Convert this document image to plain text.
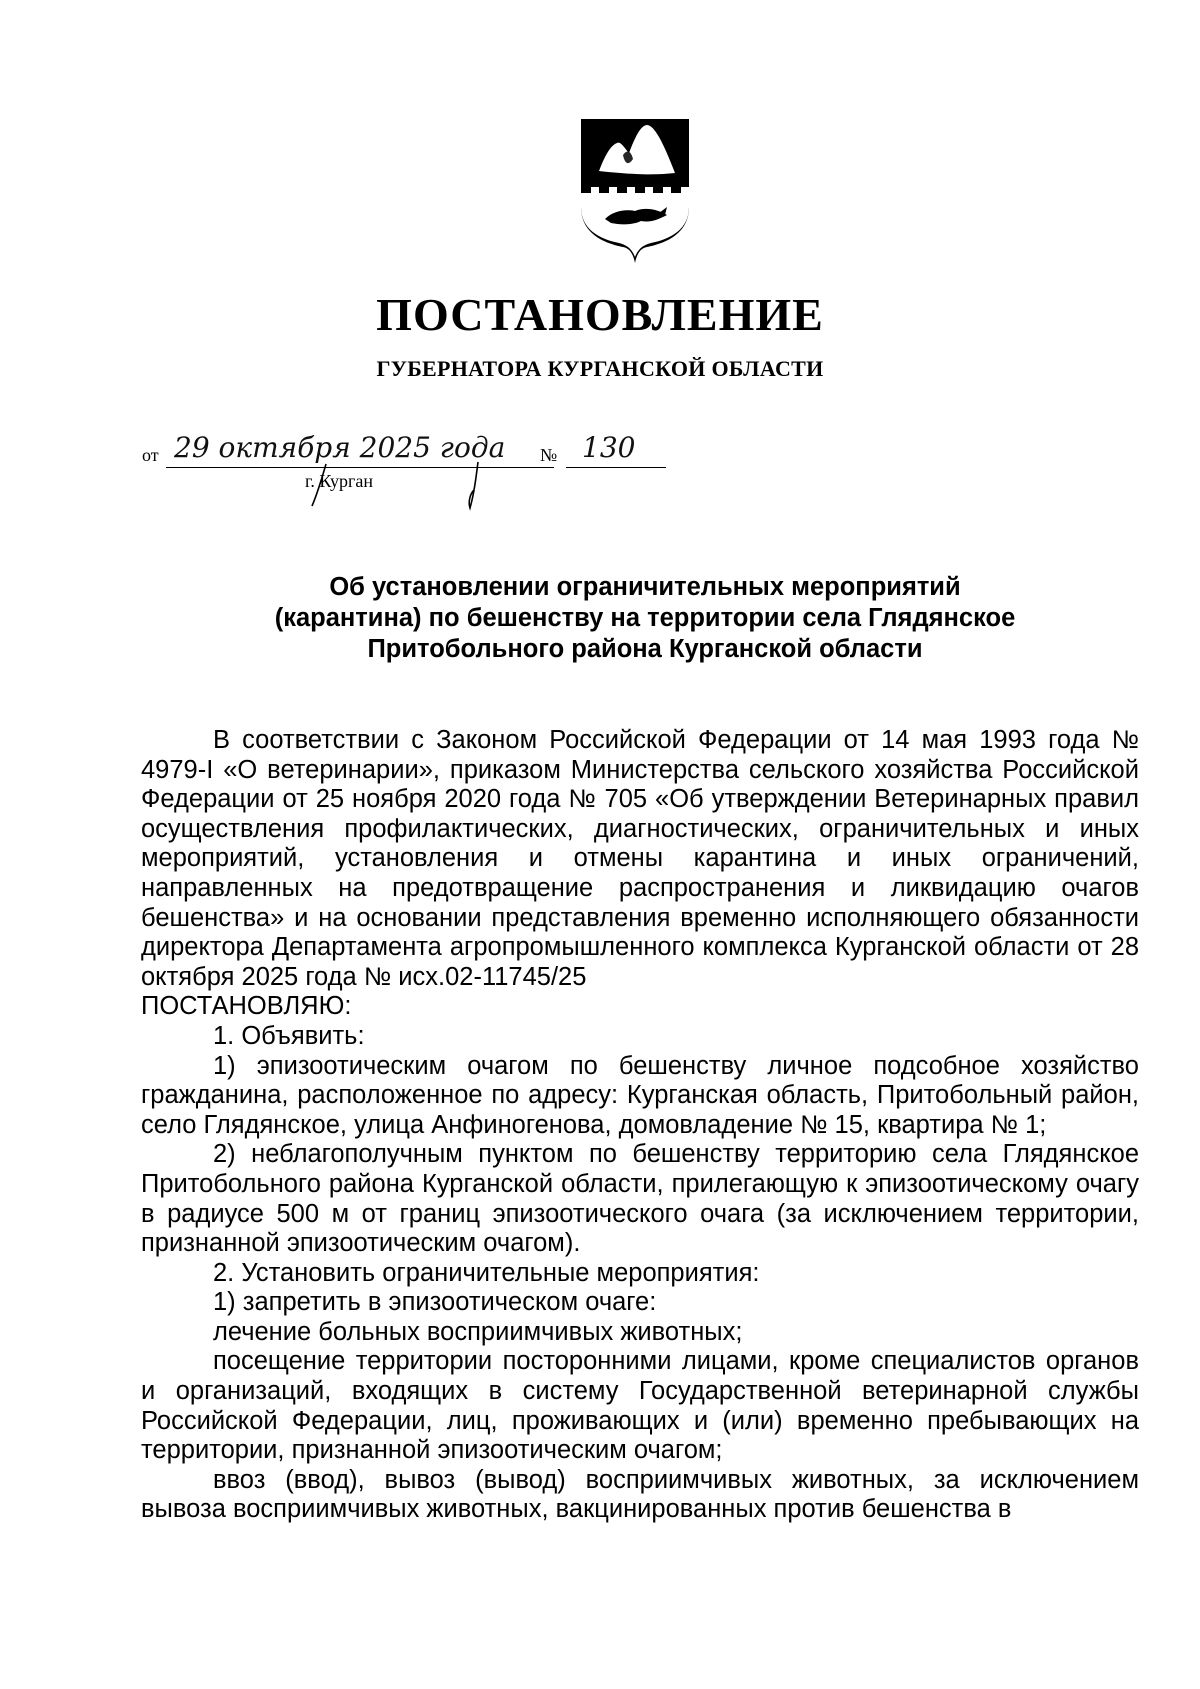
ПОСТАНОВЛЕНИЕ
ГУБЕРНАТОРА КУРГАНСКОЙ ОБЛАСТИ
от 29 октября 2025 года № 130
г. Курган
Об установлении ограничительных мероприятий
(карантина) по бешенству на территории села Глядянское
Притобольного района Курганской области

В соответствии с Законом Российской Федерации от 14 мая 1993 года № 4979-I «О ветеринарии», приказом Министерства сельского хозяйства Российской Федерации от 25 ноября 2020 года № 705 «Об утверждении Ветеринарных правил осуществления профилактических, диагностических, ограничительных и иных мероприятий, установления и отмены карантина и иных ограничений, направленных на предотвращение распространения и ликвидацию очагов бешенства» и на основании представления временно исполняющего обязанности директора Департамента агропромышленного комплекса Курганской области от 28 октября 2025 года № исх.02-11745/25

ПОСТАНОВЛЯЮ:

1. Объявить:

1) эпизоотическим очагом по бешенству личное подсобное хозяйство гражданина, расположенное по адресу: Курганская область, Притобольный район, село Глядянское, улица Анфиногенова, домовладение № 15, квартира № 1;

2) неблагополучным пунктом по бешенству территорию села Глядянское Притобольного района Курганской области, прилегающую к эпизоотическому очагу в радиусе 500 м от границ эпизоотического очага (за исключением территории, признанной эпизоотическим очагом).

2. Установить ограничительные мероприятия:

1) запретить в эпизоотическом очаге:

лечение больных восприимчивых животных;

посещение территории посторонними лицами, кроме специалистов органов и организаций, входящих в систему Государственной ветеринарной службы Российской Федерации, лиц, проживающих и (или) временно пребывающих на территории, признанной эпизоотическим очагом;

ввоз (ввод), вывоз (вывод) восприимчивых животных, за исключением вывоза восприимчивых животных, вакцинированных против бешенства в
